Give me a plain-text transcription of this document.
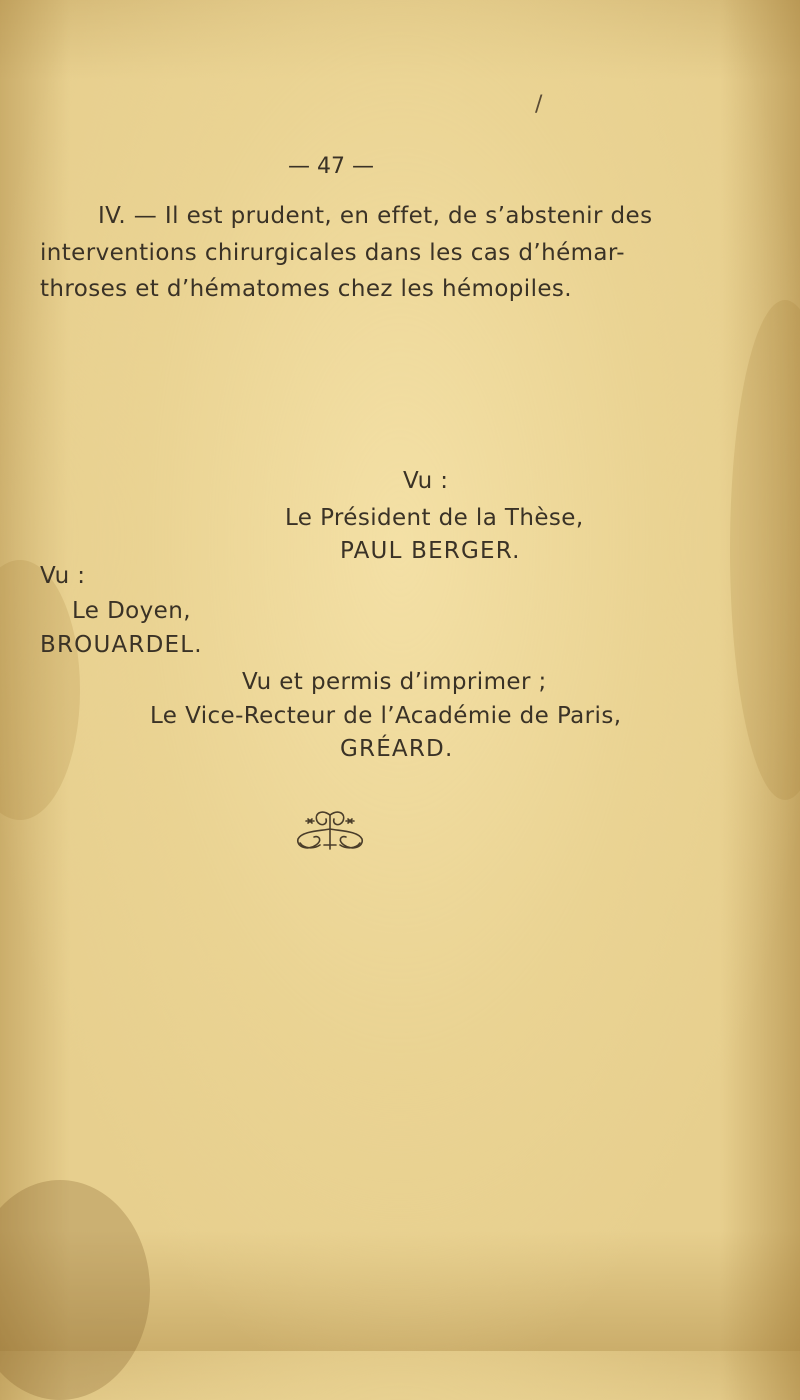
/
— 47 —
IV. — Il est prudent, en effet, de s’abstenir des
interventions chirurgicales dans les cas d’hémar-
throses et d’hématomes chez les hémopiles.
Vu :
Le Président de la Thèse,
PAUL BERGER.
Vu :
Le Doyen,
BROUARDEL.
Vu et permis d’imprimer ;
Le Vice-Recteur de l’Académie de Paris,
GRÉARD.
